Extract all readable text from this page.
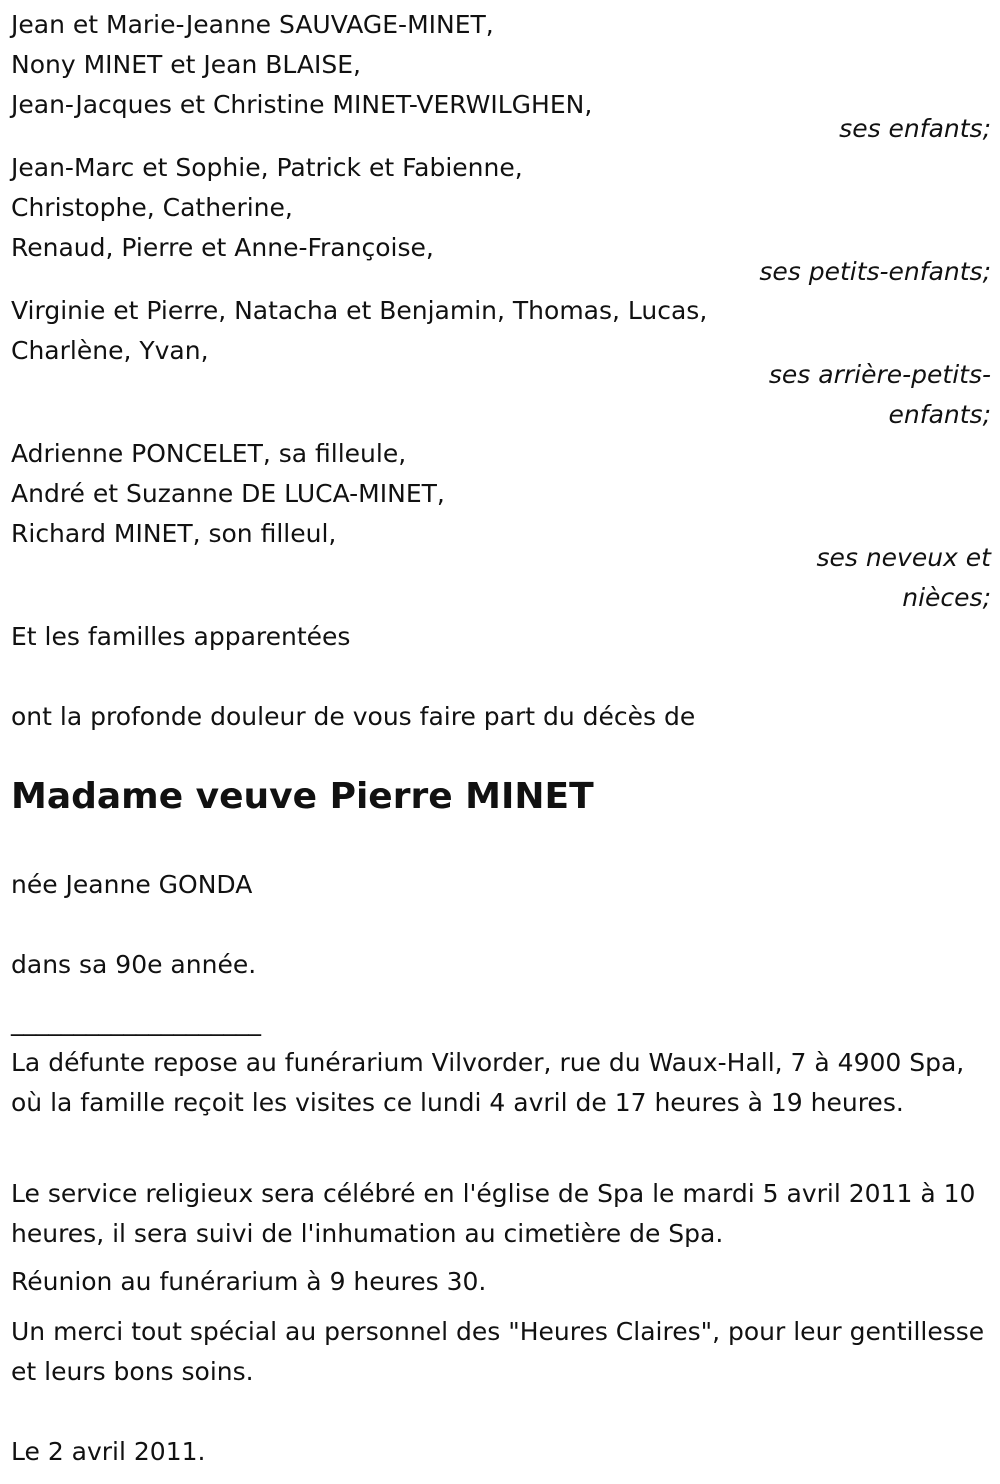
Jean et Marie-Jeanne SAUVAGE-MINET,
Nony MINET et Jean BLAISE,
Jean-Jacques et Christine MINET-VERWILGHEN,
ses enfants;
Jean-Marc et Sophie, Patrick et Fabienne,
Christophe, Catherine,
Renaud, Pierre et Anne-Françoise,
ses petits-enfants;
Virginie et Pierre, Natacha et Benjamin, Thomas, Lucas,
Charlène, Yvan,
ses arrière-petits-
enfants;
Adrienne PONCELET, sa filleule,
André et Suzanne DE LUCA-MINET,
Richard MINET, son filleul,
ses neveux et
nièces;
Et les familles apparentées
ont la profonde douleur de vous faire part du décès de
Madame veuve Pierre MINET
née Jeanne GONDA
dans sa 90e année.
____________________
La défunte repose au funérarium Vilvorder, rue du Waux-Hall, 7 à 4900 Spa, où la famille reçoit les visites ce lundi 4 avril de 17 heures à 19 heures.
Le service religieux sera célébré en l'église de Spa le mardi 5 avril 2011 à 10 heures, il sera suivi de l'inhumation au cimetière de Spa.
Réunion au funérarium à 9 heures 30.
Un merci tout spécial au personnel des "Heures Claires", pour leur gentillesse et leurs bons soins.
Le 2 avril 2011.
